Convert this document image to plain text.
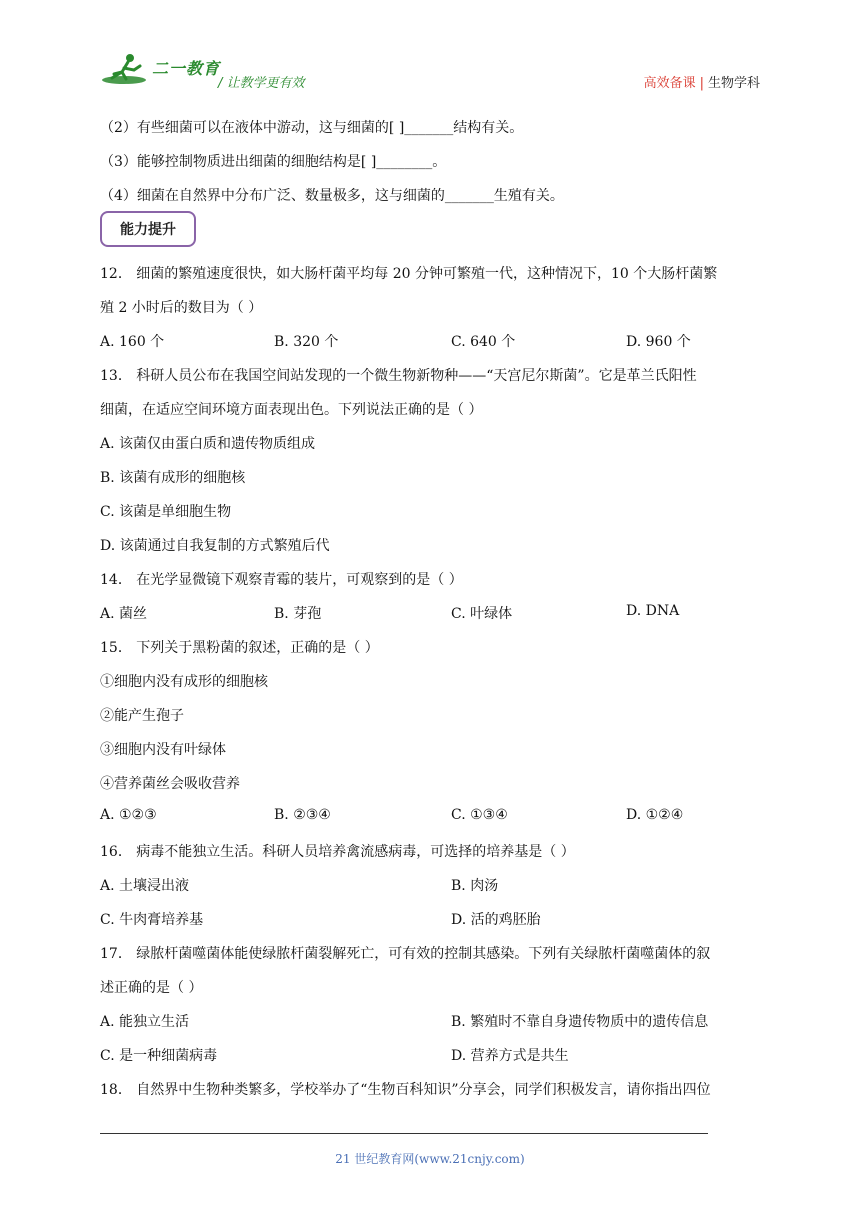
二一教育
/ 让教学更有效	高效备课 | 生物学科
（2）有些细菌可以在液体中游动，这与细菌的[ ]_______结构有关。
（3）能够控制物质进出细菌的细胞结构是[ ]________。
（4）细菌在自然界中分布广泛、数量极多，这与细菌的_______生殖有关。
能力提升
12． 细菌的繁殖速度很快，如大肠杆菌平均每 20 分钟可繁殖一代，这种情况下，10 个大肠杆菌繁
殖 2 小时后的数目为（ ）
A. 160 个	B. 320 个	C. 640 个	D. 960 个
13． 科研人员公布在我国空间站发现的一个微生物新物种——“天宫尼尔斯菌”。它是革兰氏阳性
细菌，在适应空间环境方面表现出色。下列说法正确的是（ ）
A. 该菌仅由蛋白质和遗传物质组成
B. 该菌有成形的细胞核
C. 该菌是单细胞生物
D. 该菌通过自我复制的方式繁殖后代
14． 在光学显微镜下观察青霉的装片，可观察到的是（ ）
A. 菌丝	B. 芽孢	C. 叶绿体	D. DNA
15． 下列关于黑粉菌的叙述，正确的是（ ）
①细胞内没有成形的细胞核
②能产生孢子
③细胞内没有叶绿体
④营养菌丝会吸收营养
A. ①②③	B. ②③④	C. ①③④	D. ①②④
16． 病毒不能独立生活。科研人员培养禽流感病毒，可选择的培养基是（ ）
A. 土壤浸出液	B. 肉汤
C. 牛肉膏培养基	D. 活的鸡胚胎
17． 绿脓杆菌噬菌体能使绿脓杆菌裂解死亡，可有效的控制其感染。下列有关绿脓杆菌噬菌体的叙
述正确的是（ ）
A. 能独立生活	B. 繁殖时不靠自身遗传物质中的遗传信息
C. 是一种细菌病毒	D. 营养方式是共生
18． 自然界中生物种类繁多，学校举办了“生物百科知识”分享会，同学们积极发言，请你指出四位
21 世纪教育网(www.21cnjy.com)
